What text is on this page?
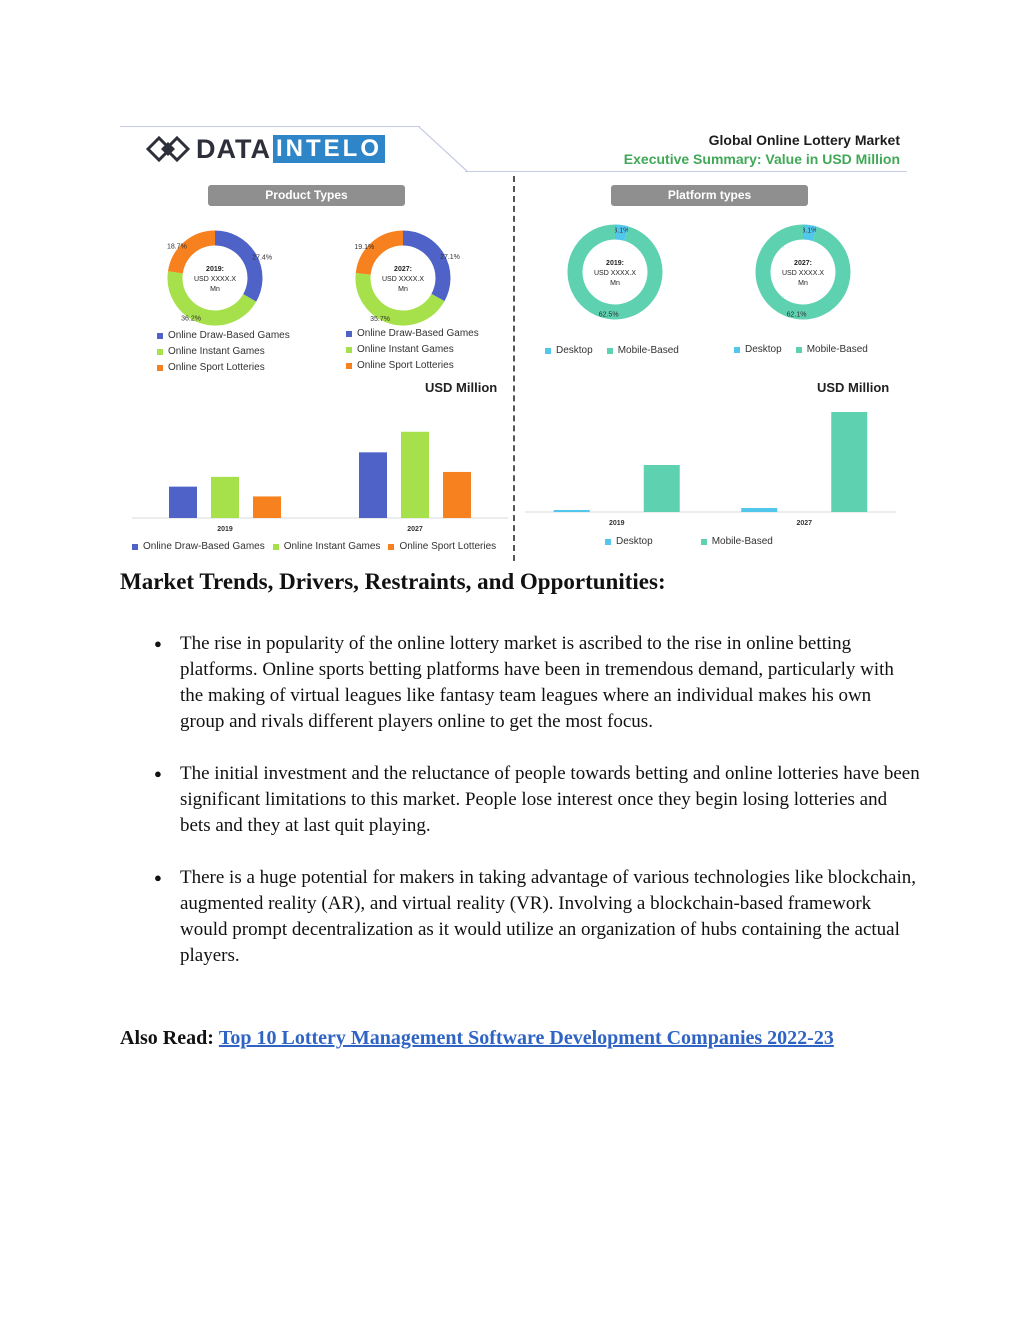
DATA INTELO	Global Online Lottery Market
Executive Summary: Value in USD Million
Product Types	Platform types
27.4%
36.2%
18.7%
2019:
USD XXXX.X
Mn
27.1%
35.7%
19.1%
2027:
USD XXXX.X
Mn
3.1%
62.5%
2019:
USD XXXX.X
Mn
3.1%
62.1%
2027:
USD XXXX.X
Mn
Online Draw-Based Games
Online Instant Games
Online Sport Lotteries
Online Draw-Based Games
Online Instant Games
Online Sport Lotteries
Desktop	Mobile-Based	Desktop	Mobile-Based
USD Million	USD Million
2019	2027
2019	2027
Online Draw-Based Games Online Instant Games Online Sport Lotteries	Desktop	Mobile-Based
Market Trends, Drivers, Restraints, and Opportunities:
● The rise in popularity of the online lottery market is ascribed to the rise in online betting platforms. Online sports betting platforms have been in tremendous demand, particularly with the making of virtual leagues like fantasy team leagues where an individual makes his own group and rivals different players online to get the most focus.
● The initial investment and the reluctance of people towards betting and online lotteries have been significant limitations to this market. People lose interest once they begin losing lotteries and bets and they at last quit playing.
● There is a huge potential for makers in taking advantage of various technologies like blockchain, augmented reality (AR), and virtual reality (VR). Involving a blockchain-based framework would prompt decentralization as it would utilize an organization of hubs containing the actual players.

Also Read: Top 10 Lottery Management Software Development Companies 2022-23
